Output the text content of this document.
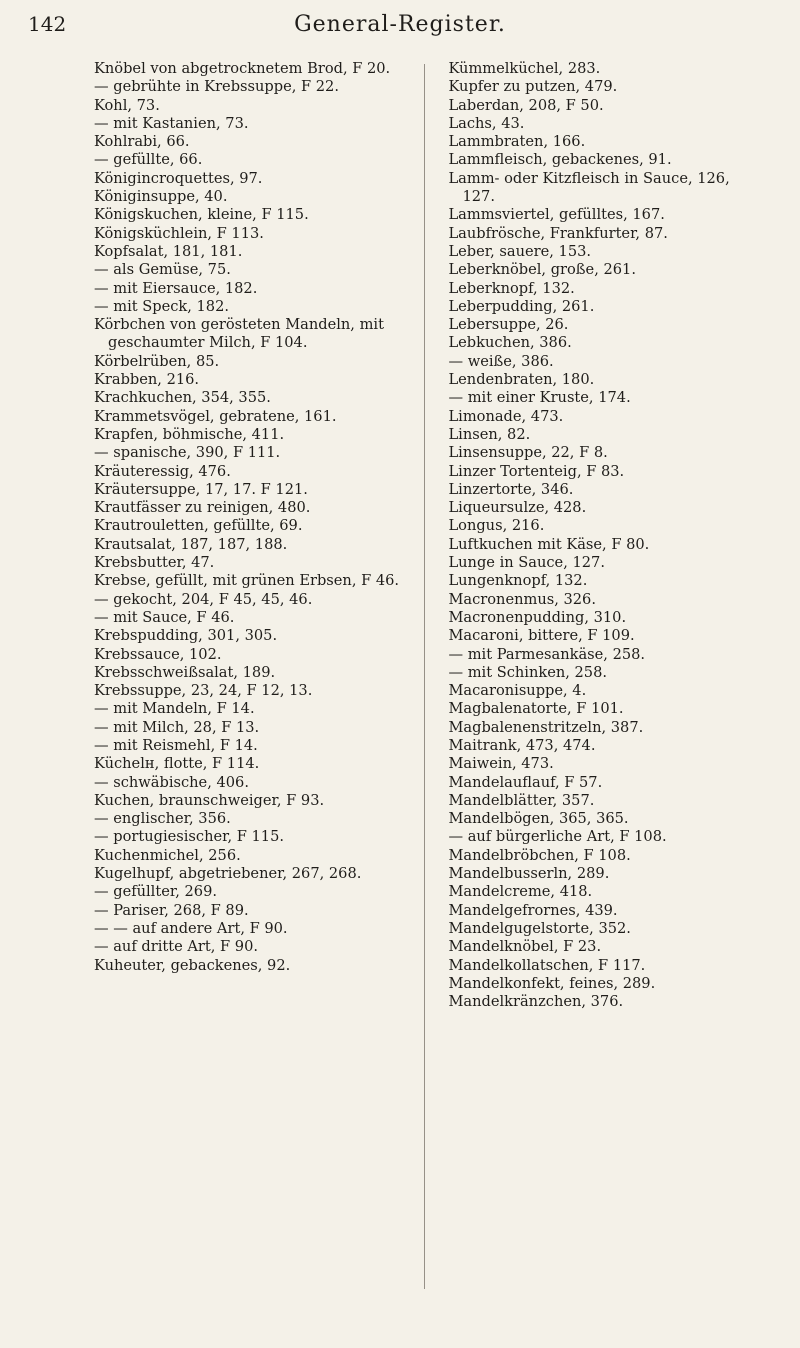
142	General-Register.
Knöbel von abgetrocknetem Brod, F 20.
— gebrühte in Krebssuppe, F 22.
Kohl, 73.
— mit Kastanien, 73.
Kohlrabi, 66.
— gefüllte, 66.
Königincroquettes, 97.
Königinsuppe, 40.
Königskuchen, kleine, F 115.
Königsküchlein, F 113.
Kopfsalat, 181, 181.
— als Gemüse, 75.
— mit Eiersauce, 182.
— mit Speck, 182.
Körbchen von gerösteten Mandeln, mit geschaumter Milch, F 104.
Körbelrüben, 85.
Krabben, 216.
Krachkuchen, 354, 355.
Krammetsvögel, gebratene, 161.
Krapfen, böhmische, 411.
— spanische, 390, F 111.
Kräuteressig, 476.
Kräutersuppe, 17, 17. F 121.
Krautfässer zu reinigen, 480.
Krautrouletten, gefüllte, 69.
Krautsalat, 187, 187, 188.
Krebsbutter, 47.
Krebse, gefüllt, mit grünen Erbsen, F 46.
— gekocht, 204, F 45, 45, 46.
— mit Sauce, F 46.
Krebspudding, 301, 305.
Krebssauce, 102.
Krebsschweißsalat, 189.
Krebssuppe, 23, 24, F 12, 13.
— mit Mandeln, F 14.
— mit Milch, 28, F 13.
— mit Reismehl, F 14.
Küchelн, flotte, F 114.
— schwäbische, 406.
Kuchen, braunschweiger, F 93.
— englischer, 356.
— portugiesischer, F 115.
Kuchenmichel, 256.
Kugelhupf, abgetriebener, 267, 268.
— gefüllter, 269.
— Pariser, 268, F 89.
— — auf andere Art, F 90.
— auf dritte Art, F 90.
Kuheuter, gebackenes, 92.
Kümmelküchel, 283.
Kupfer zu putzen, 479.
Laberdan, 208, F 50.
Lachs, 43.
Lammbraten, 166.
Lammfleisch, gebackenes, 91.
Lamm- oder Kitzfleisch in Sauce, 126, 127.
Lammsviertel, gefülltes, 167.
Laubfrösche, Frankfurter, 87.
Leber, sauere, 153.
Leberknöbel, große, 261.
Leberknopf, 132.
Leberpudding, 261.
Lebersuppe, 26.
Lebkuchen, 386.
— weiße, 386.
Lendenbraten, 180.
— mit einer Kruste, 174.
Limonade, 473.
Linsen, 82.
Linsensuppe, 22, F 8.
Linzer Tortenteig, F 83.
Linzertorte, 346.
Liqueursulze, 428.
Longus, 216.
Luftkuchen mit Käse, F 80.
Lunge in Sauce, 127.
Lungenknopf, 132.
Macronenmus, 326.
Macronenpudding, 310.
Macaroni, bittere, F 109.
— mit Parmesankäse, 258.
— mit Schinken, 258.
Macaronisuppe, 4.
Magbalenatorte, F 101.
Magbalenenstritzeln, 387.
Maitrank, 473, 474.
Maiwein, 473.
Mandelauflauf, F 57.
Mandelblätter, 357.
Mandelbögen, 365, 365.
— auf bürgerliche Art, F 108.
Mandelbröbchen, F 108.
Mandelbusserln, 289.
Mandelcreme, 418.
Mandelgefrornes, 439.
Mandelgugelstorte, 352.
Mandelknöbel, F 23.
Mandelkollatschen, F 117.
Mandelkonfekt, feines, 289.
Mandelkränzchen, 376.
